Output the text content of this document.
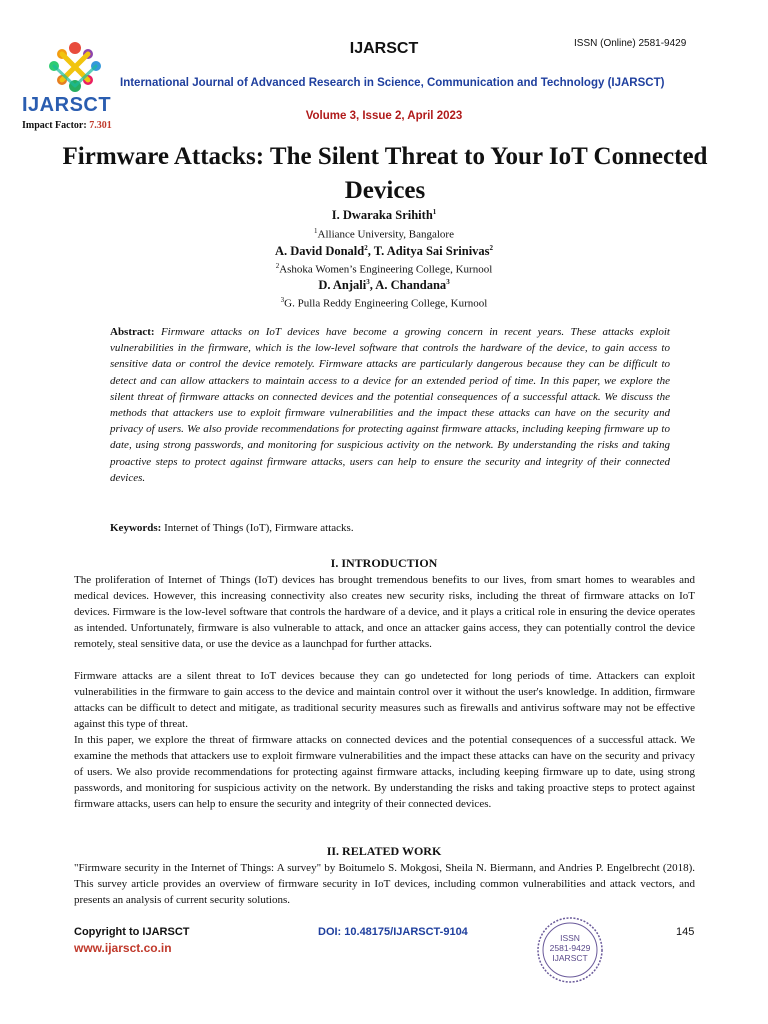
IJARSCT
IJARSCT	ISSN (Online) 2581-9429
International Journal of Advanced Research in Science, Communication and Technology (IJARSCT)
Volume 3, Issue 2, April 2023
Impact Factor: 7.301
Firmware Attacks: The Silent Threat to Your IoT Connected Devices
I. Dwaraka Srihith$^1$
$^1$Alliance University, Bangalore
A. David Donald$^2$, T. Aditya Sai Srinivas$^2$
$^2$Ashoka Women’s Engineering College, Kurnool
D. Anjali$^3$, A. Chandana$^3$
$^3$G. Pulla Reddy Engineering College, Kurnool
Abstract: Firmware attacks on IoT devices have become a growing concern in recent years. These attacks exploit vulnerabilities in the firmware, which is the low-level software that controls the hardware of the device, to gain access to sensitive data or control the device remotely. Firmware attacks are particularly dangerous because they can be difficult to detect and can allow attackers to maintain access to a device for an extended period of time. In this paper, we explore the silent threat of firmware attacks on connected devices and the potential consequences of a successful attack. We discuss the methods that attackers use to exploit firmware vulnerabilities and the impact these attacks can have on the security and privacy of users. We also provide recommendations for protecting against firmware attacks, including keeping firmware up to date, using strong passwords, and monitoring for suspicious activity on the network. By understanding the risks and taking proactive steps to protect against firmware attacks, users can help to ensure the security and integrity of their connected devices.
Keywords: Internet of Things (IoT), Firmware attacks.
I. INTRODUCTION
The proliferation of Internet of Things (IoT) devices has brought tremendous benefits to our lives, from smart homes to wearables and medical devices. However, this increasing connectivity also creates new security risks, including the threat of firmware attacks on IoT devices. Firmware is the low-level software that controls the hardware of a device, and it plays a critical role in ensuring the device operates as intended. Unfortunately, firmware is also vulnerable to attack, and once an attacker gains access, they can potentially control the device remotely, steal sensitive data, or use the device as a launchpad for further attacks.
Firmware attacks are a silent threat to IoT devices because they can go undetected for long periods of time. Attackers can exploit vulnerabilities in the firmware to gain access to the device and maintain control over it without the user's knowledge. In addition, firmware attacks can be difficult to detect and mitigate, as traditional security measures such as firewalls and antivirus software may not be effective against this type of threat.
In this paper, we explore the threat of firmware attacks on connected devices and the potential consequences of a successful attack. We examine the methods that attackers use to exploit firmware vulnerabilities and the impact these attacks can have on the security and privacy of users. We also provide recommendations for protecting against firmware attacks, including keeping firmware up to date, using strong passwords, and monitoring for suspicious activity on the network. By understanding the risks and taking proactive steps to protect against firmware attacks, users can help to ensure the security and integrity of their connected devices.
II. RELATED WORK
"Firmware security in the Internet of Things: A survey" by Boitumelo S. Mokgosi, Sheila N. Biermann, and Andries P. Engelbrecht (2018). This survey article provides an overview of firmware security in IoT devices, including common vulnerabilities and attack vectors, and presents an analysis of current security solutions.
Copyright to IJARSCT
www.ijarsct.co.in
DOI: 10.48175/IJARSCT-9104	145
ISSN
2581-9429
IJARSCT
